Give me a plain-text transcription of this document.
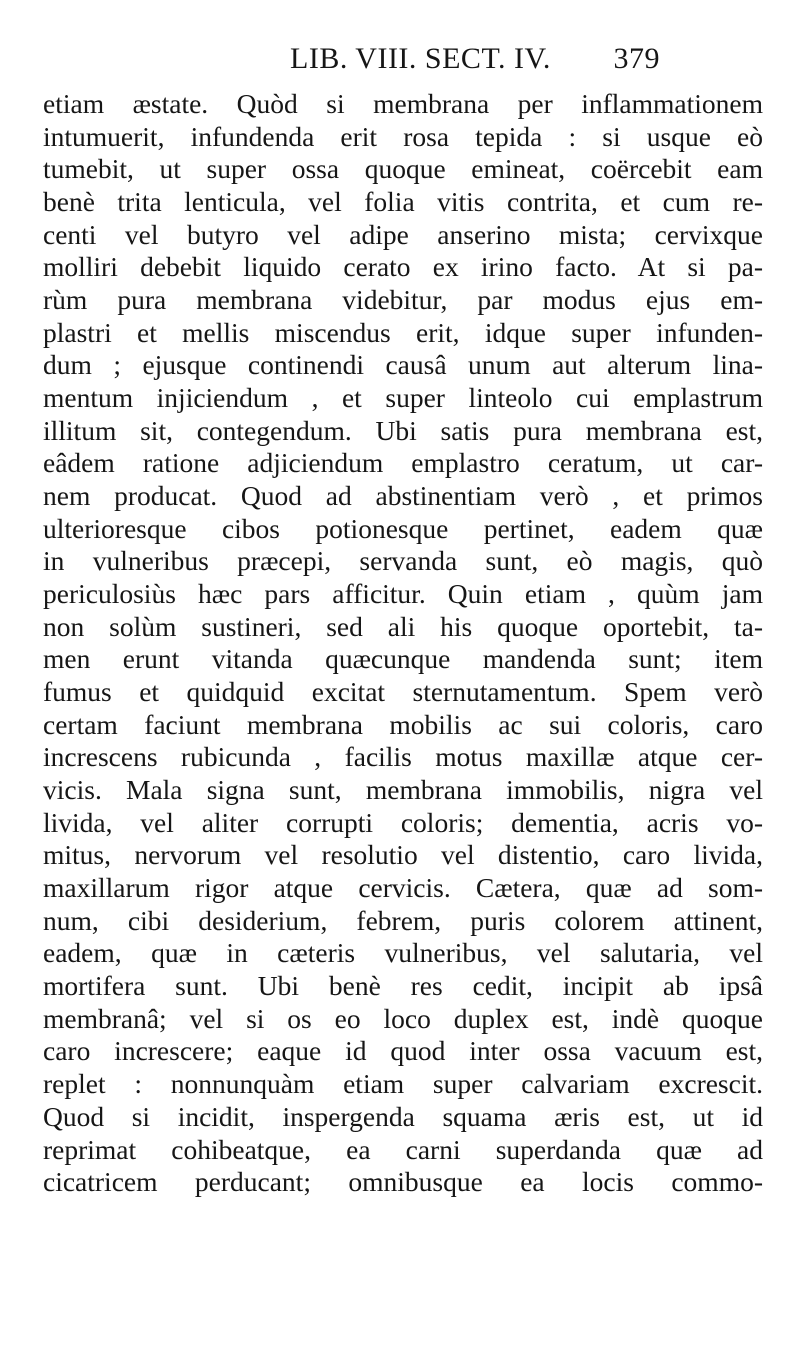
LIB. VIII. SECT. IV. 379
etiam æstate. Quòd si membrana per inflammationem
intumuerit, infundenda erit rosa tepida : si usque eò
tumebit, ut super ossa quoque emineat, coërcebit eam
benè trita lenticula, vel folia vitis contrita, et cum re-
centi vel butyro vel adipe anserino mista; cervixque
molliri debebit liquido cerato ex irino facto. At si pa-
rùm pura membrana videbitur, par modus ejus em-
plastri et mellis miscendus erit, idque super infunden-
dum ; ejusque continendi causâ unum aut alterum lina-
mentum injiciendum , et super linteolo cui emplastrum
illitum sit, contegendum. Ubi satis pura membrana est,
eâdem ratione adjiciendum emplastro ceratum, ut car-
nem producat. Quod ad abstinentiam verò , et primos
ulterioresque cibos potionesque pertinet, eadem quæ
in vulneribus præcepi, servanda sunt, eò magis, quò
periculosiùs hæc pars afficitur. Quin etiam , quùm jam
non solùm sustineri, sed ali his quoque oportebit, ta-
men erunt vitanda quæcunque mandenda sunt; item
fumus et quidquid excitat sternutamentum. Spem verò
certam faciunt membrana mobilis ac sui coloris, caro
increscens rubicunda , facilis motus maxillæ atque cer-
vicis. Mala signa sunt, membrana immobilis, nigra vel
livida, vel aliter corrupti coloris; dementia, acris vo-
mitus, nervorum vel resolutio vel distentio, caro livida,
maxillarum rigor atque cervicis. Cætera, quæ ad som-
num, cibi desiderium, febrem, puris colorem attinent,
eadem, quæ in cæteris vulneribus, vel salutaria, vel
mortifera sunt. Ubi benè res cedit, incipit ab ipsâ
membranâ; vel si os eo loco duplex est, indè quoque
caro increscere; eaque id quod inter ossa vacuum est,
replet : nonnunquàm etiam super calvariam excrescit.
Quod si incidit, inspergenda squama æris est, ut id
reprimat cohibeatque, ea carni superdanda quæ ad
cicatricem perducant; omnibusque ea locis commo-
